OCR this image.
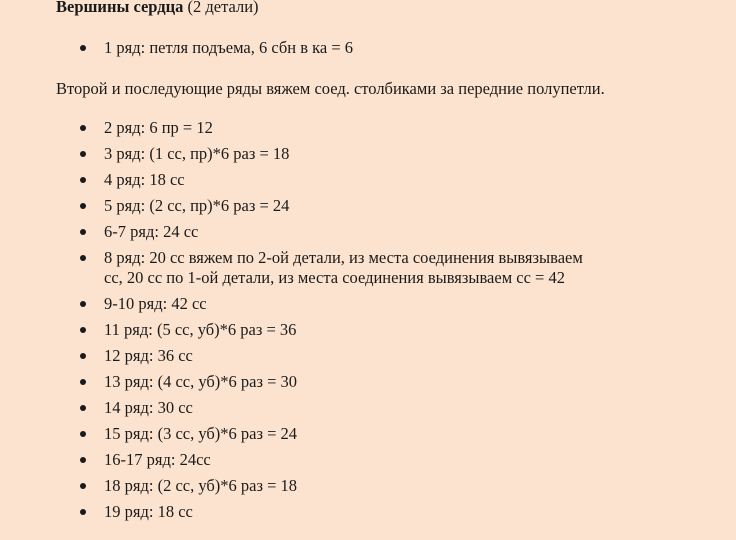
Вершины сердца (2 детали)
1 ряд: петля подъема, 6 сбн в ка = 6
Второй и последующие ряды вяжем соед. столбиками за передние полупетли.
2 ряд: 6 пр = 12
3 ряд: (1 сс, пр)*6 раз = 18
4 ряд: 18 сс
5 ряд: (2 сс, пр)*6 раз = 24
6-7 ряд: 24 сс
8 ряд: 20 сс вяжем по 2-ой детали, из места соединения вывязываем
сс, 20 сс по 1-ой детали, из места соединения вывязываем сс = 42
9-10 ряд: 42 сс
11 ряд: (5 сс, уб)*6 раз = 36
12 ряд: 36 сс
13 ряд: (4 сс, уб)*6 раз = 30
14 ряд: 30 сс
15 ряд: (3 сс, уб)*6 раз = 24
16-17 ряд: 24сс
18 ряд: (2 сс, уб)*6 раз = 18
19 ряд: 18 сс
